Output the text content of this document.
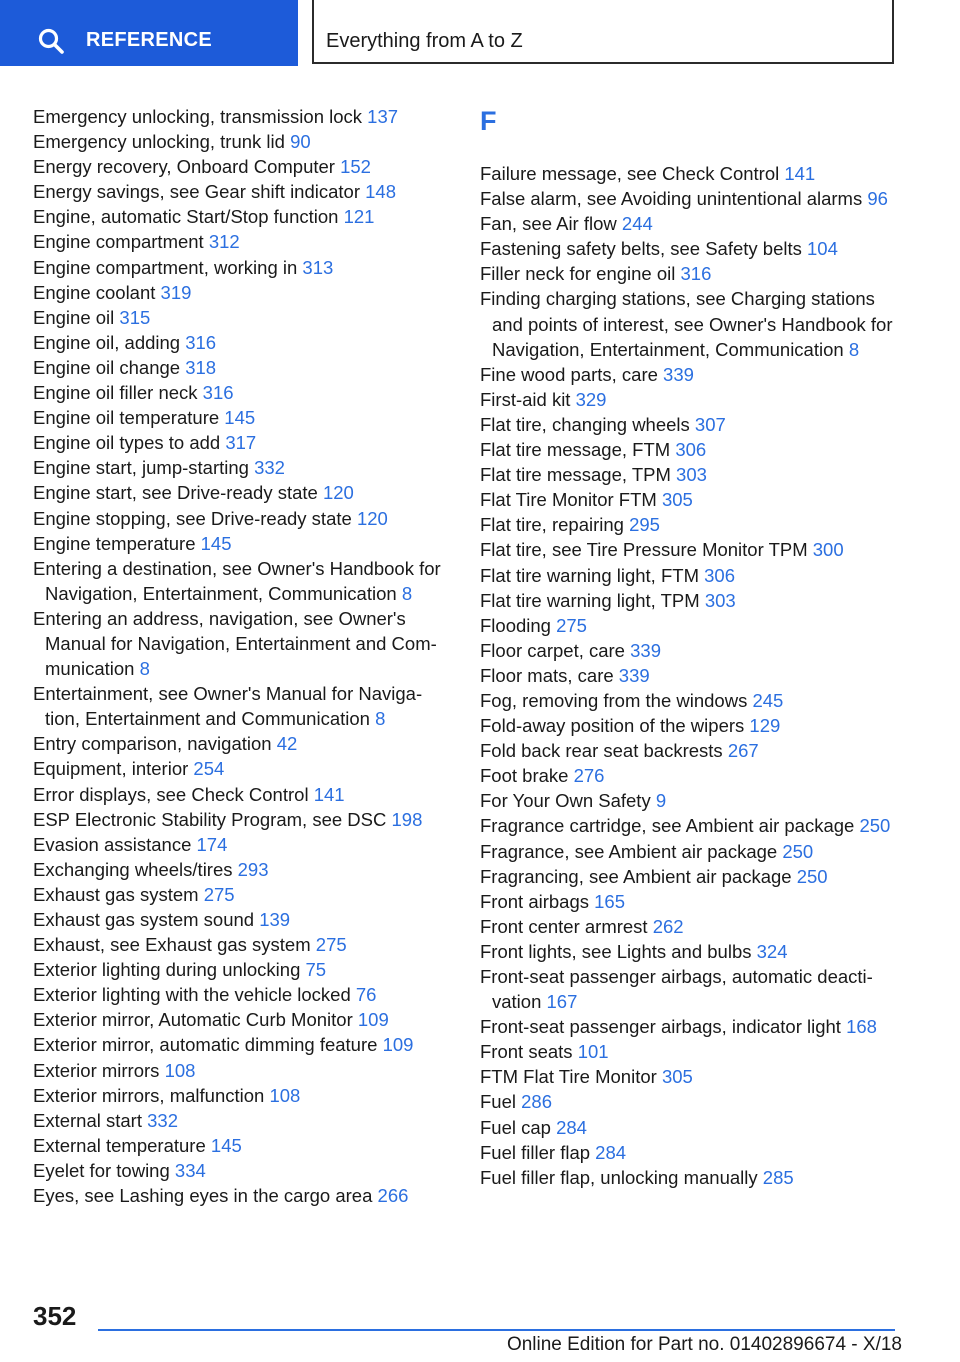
REFERENCE	Everything from A to Z
Emergency unlocking, transmission lock 137
Emergency unlocking, trunk lid 90
Energy recovery, Onboard Computer 152
Energy savings, see Gear shift indicator 148
Engine, automatic Start/Stop function 121
Engine compartment 312
Engine compartment, working in 313
Engine coolant 319
Engine oil 315
Engine oil, adding 316
Engine oil change 318
Engine oil filler neck 316
Engine oil temperature 145
Engine oil types to add 317
Engine start, jump-starting 332
Engine start, see Drive-ready state 120
Engine stopping, see Drive-ready state 120
Engine temperature 145
Entering a destination, see Owner's Handbook for Navigation, Entertainment, Communication 8
Entering an address, navigation, see Owner's Manual for Navigation, Entertainment and Communication 8
Entertainment, see Owner's Manual for Navigation, Entertainment and Communication 8
Entry comparison, navigation 42
Equipment, interior 254
Error displays, see Check Control 141
ESP Electronic Stability Program, see DSC 198
Evasion assistance 174
Exchanging wheels/tires 293
Exhaust gas system 275
Exhaust gas system sound 139
Exhaust, see Exhaust gas system 275
Exterior lighting during unlocking 75
Exterior lighting with the vehicle locked 76
Exterior mirror, Automatic Curb Monitor 109
Exterior mirror, automatic dimming feature 109
Exterior mirrors 108
Exterior mirrors, malfunction 108
External start 332
External temperature 145
Eyelet for towing 334
Eyes, see Lashing eyes in the cargo area 266
F
Failure message, see Check Control 141
False alarm, see Avoiding unintentional alarms 96
Fan, see Air flow 244
Fastening safety belts, see Safety belts 104
Filler neck for engine oil 316
Finding charging stations, see Charging stations and points of interest, see Owner's Handbook for Navigation, Entertainment, Communication 8
Fine wood parts, care 339
First-aid kit 329
Flat tire, changing wheels 307
Flat tire message, FTM 306
Flat tire message, TPM 303
Flat Tire Monitor FTM 305
Flat tire, repairing 295
Flat tire, see Tire Pressure Monitor TPM 300
Flat tire warning light, FTM 306
Flat tire warning light, TPM 303
Flooding 275
Floor carpet, care 339
Floor mats, care 339
Fog, removing from the windows 245
Fold-away position of the wipers 129
Fold back rear seat backrests 267
Foot brake 276
For Your Own Safety 9
Fragrance cartridge, see Ambient air package 250
Fragrance, see Ambient air package 250
Fragrancing, see Ambient air package 250
Front airbags 165
Front center armrest 262
Front lights, see Lights and bulbs 324
Front-seat passenger airbags, automatic deactivation 167
Front-seat passenger airbags, indicator light 168
Front seats 101
FTM Flat Tire Monitor 305
Fuel 286
Fuel cap 284
Fuel filler flap 284
Fuel filler flap, unlocking manually 285
352
Online Edition for Part no. 01402896674 - X/18
